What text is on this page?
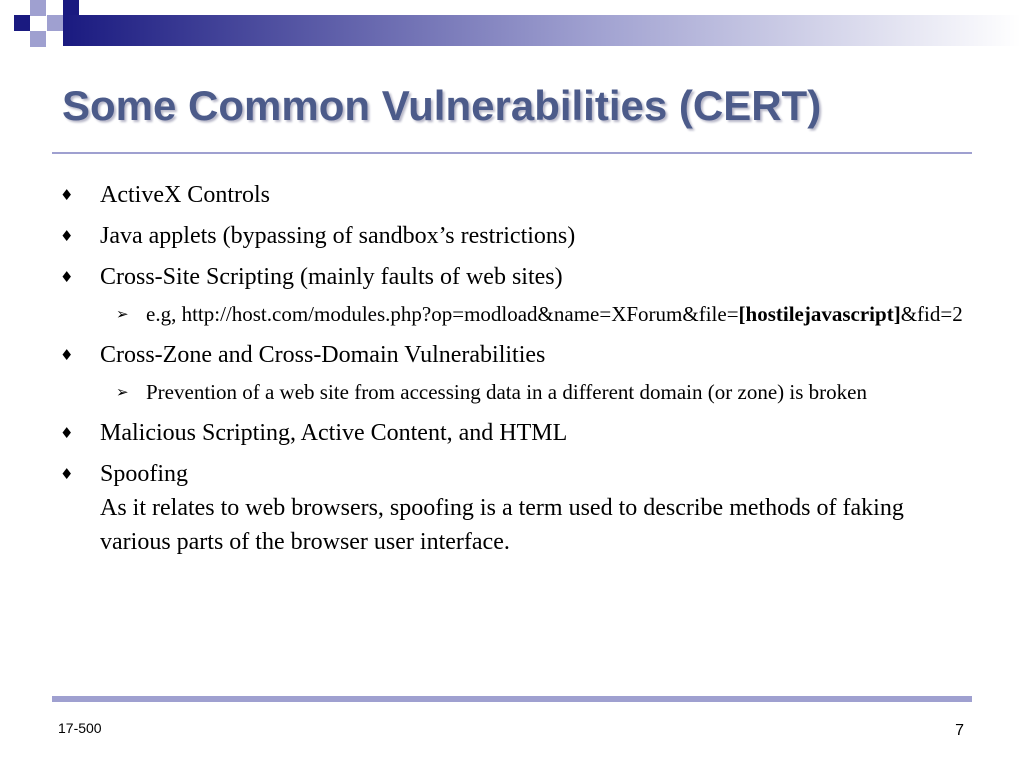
Some Common Vulnerabilities (CERT)
♦ ActiveX Controls
♦ Java applets (bypassing of sandbox’s restrictions)
♦ Cross-Site Scripting (mainly faults of web sites)
➢ e.g, http://host.com/modules.php?op=modload&name=XForum&file=[hostilejavascript]&fid=2
♦ Cross-Zone and Cross-Domain Vulnerabilities
➢ Prevention of a web site from accessing data in a different domain (or zone) is broken
♦ Malicious Scripting, Active Content, and HTML
♦ Spoofing
As it relates to web browsers, spoofing is a term used to describe methods of faking various parts of the browser user interface.
17-500	7
